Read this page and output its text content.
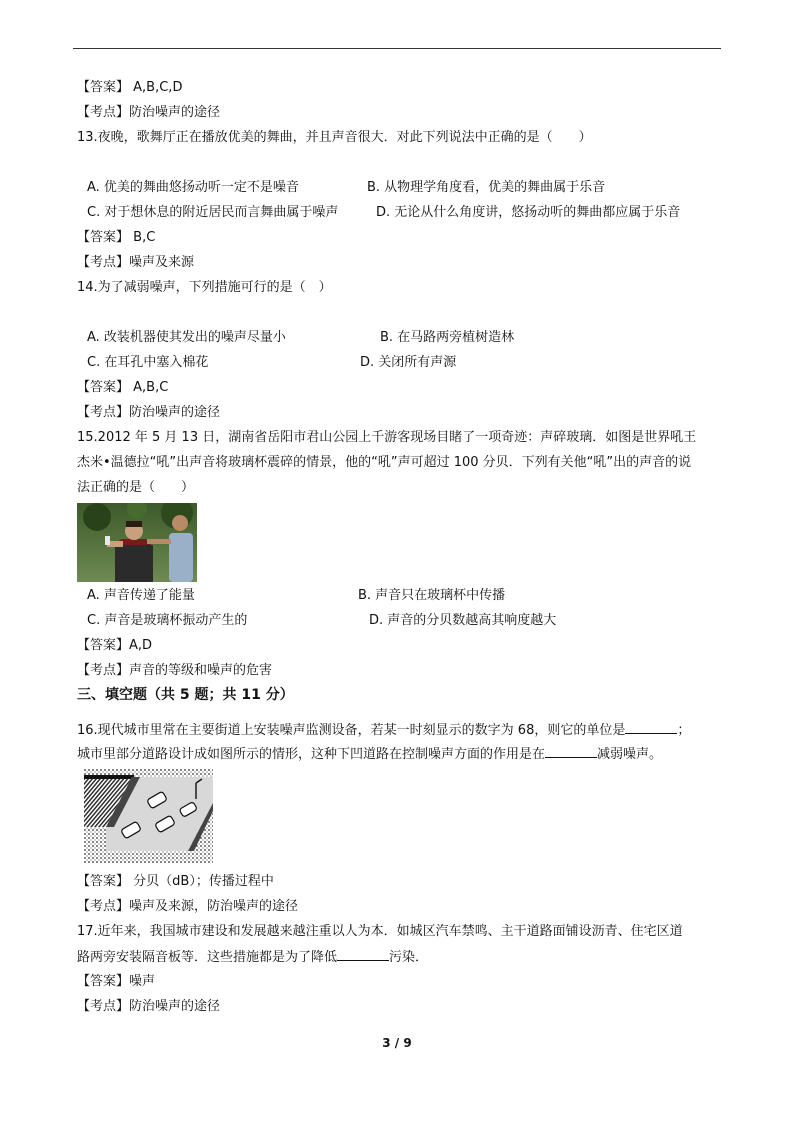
【答案】 A,B,C,D
【考点】防治噪声的途径
13.夜晚，歌舞厅正在播放优美的舞曲，并且声音很大．对此下列说法中正确的是（　　）
A. 优美的舞曲悠扬动听一定不是噪音	B. 从物理学角度看，优美的舞曲属于乐音
C. 对于想休息的附近居民而言舞曲属于噪声	D. 无论从什么角度讲，悠扬动听的舞曲都应属于乐音
【答案】 B,C
【考点】噪声及来源
14.为了减弱噪声，下列措施可行的是（　）
A. 改装机器使其发出的噪声尽量小	B. 在马路两旁植树造林
C. 在耳孔中塞入棉花	D. 关闭所有声源
【答案】 A,B,C
【考点】防治噪声的途径
15.2012 年 5 月 13 日，湖南省岳阳市君山公园上千游客现场目睹了一项奇迹：声碎玻璃．如图是世界吼王
杰米•温德拉“吼”出声音将玻璃杯震碎的情景，他的“吼”声可超过 100 分贝．下列有关他“吼”出的声音的说
法正确的是（　　）
A. 声音传递了能量	B. 声音只在玻璃杯中传播
C. 声音是玻璃杯振动产生的	D. 声音的分贝数越高其响度越大
【答案】A,D
【考点】声音的等级和噪声的危害
三、填空题（共 5 题；共 11 分）
16.现代城市里常在主要街道上安装噪声监测设备，若某一时刻显示的数字为 68，则它的单位是	；
城市里部分道路设计成如图所示的情形，这种下凹道路在控制噪声方面的作用是在	减弱噪声。
【答案】 分贝（dB）；传播过程中
【考点】噪声及来源，防治噪声的途径
17.近年来，我国城市建设和发展越来越注重以人为本．如城区汽车禁鸣、主干道路面铺设沥青、住宅区道
路两旁安装隔音板等．这些措施都是为了降低	污染．
【答案】噪声
【考点】防治噪声的途径
3 / 9
